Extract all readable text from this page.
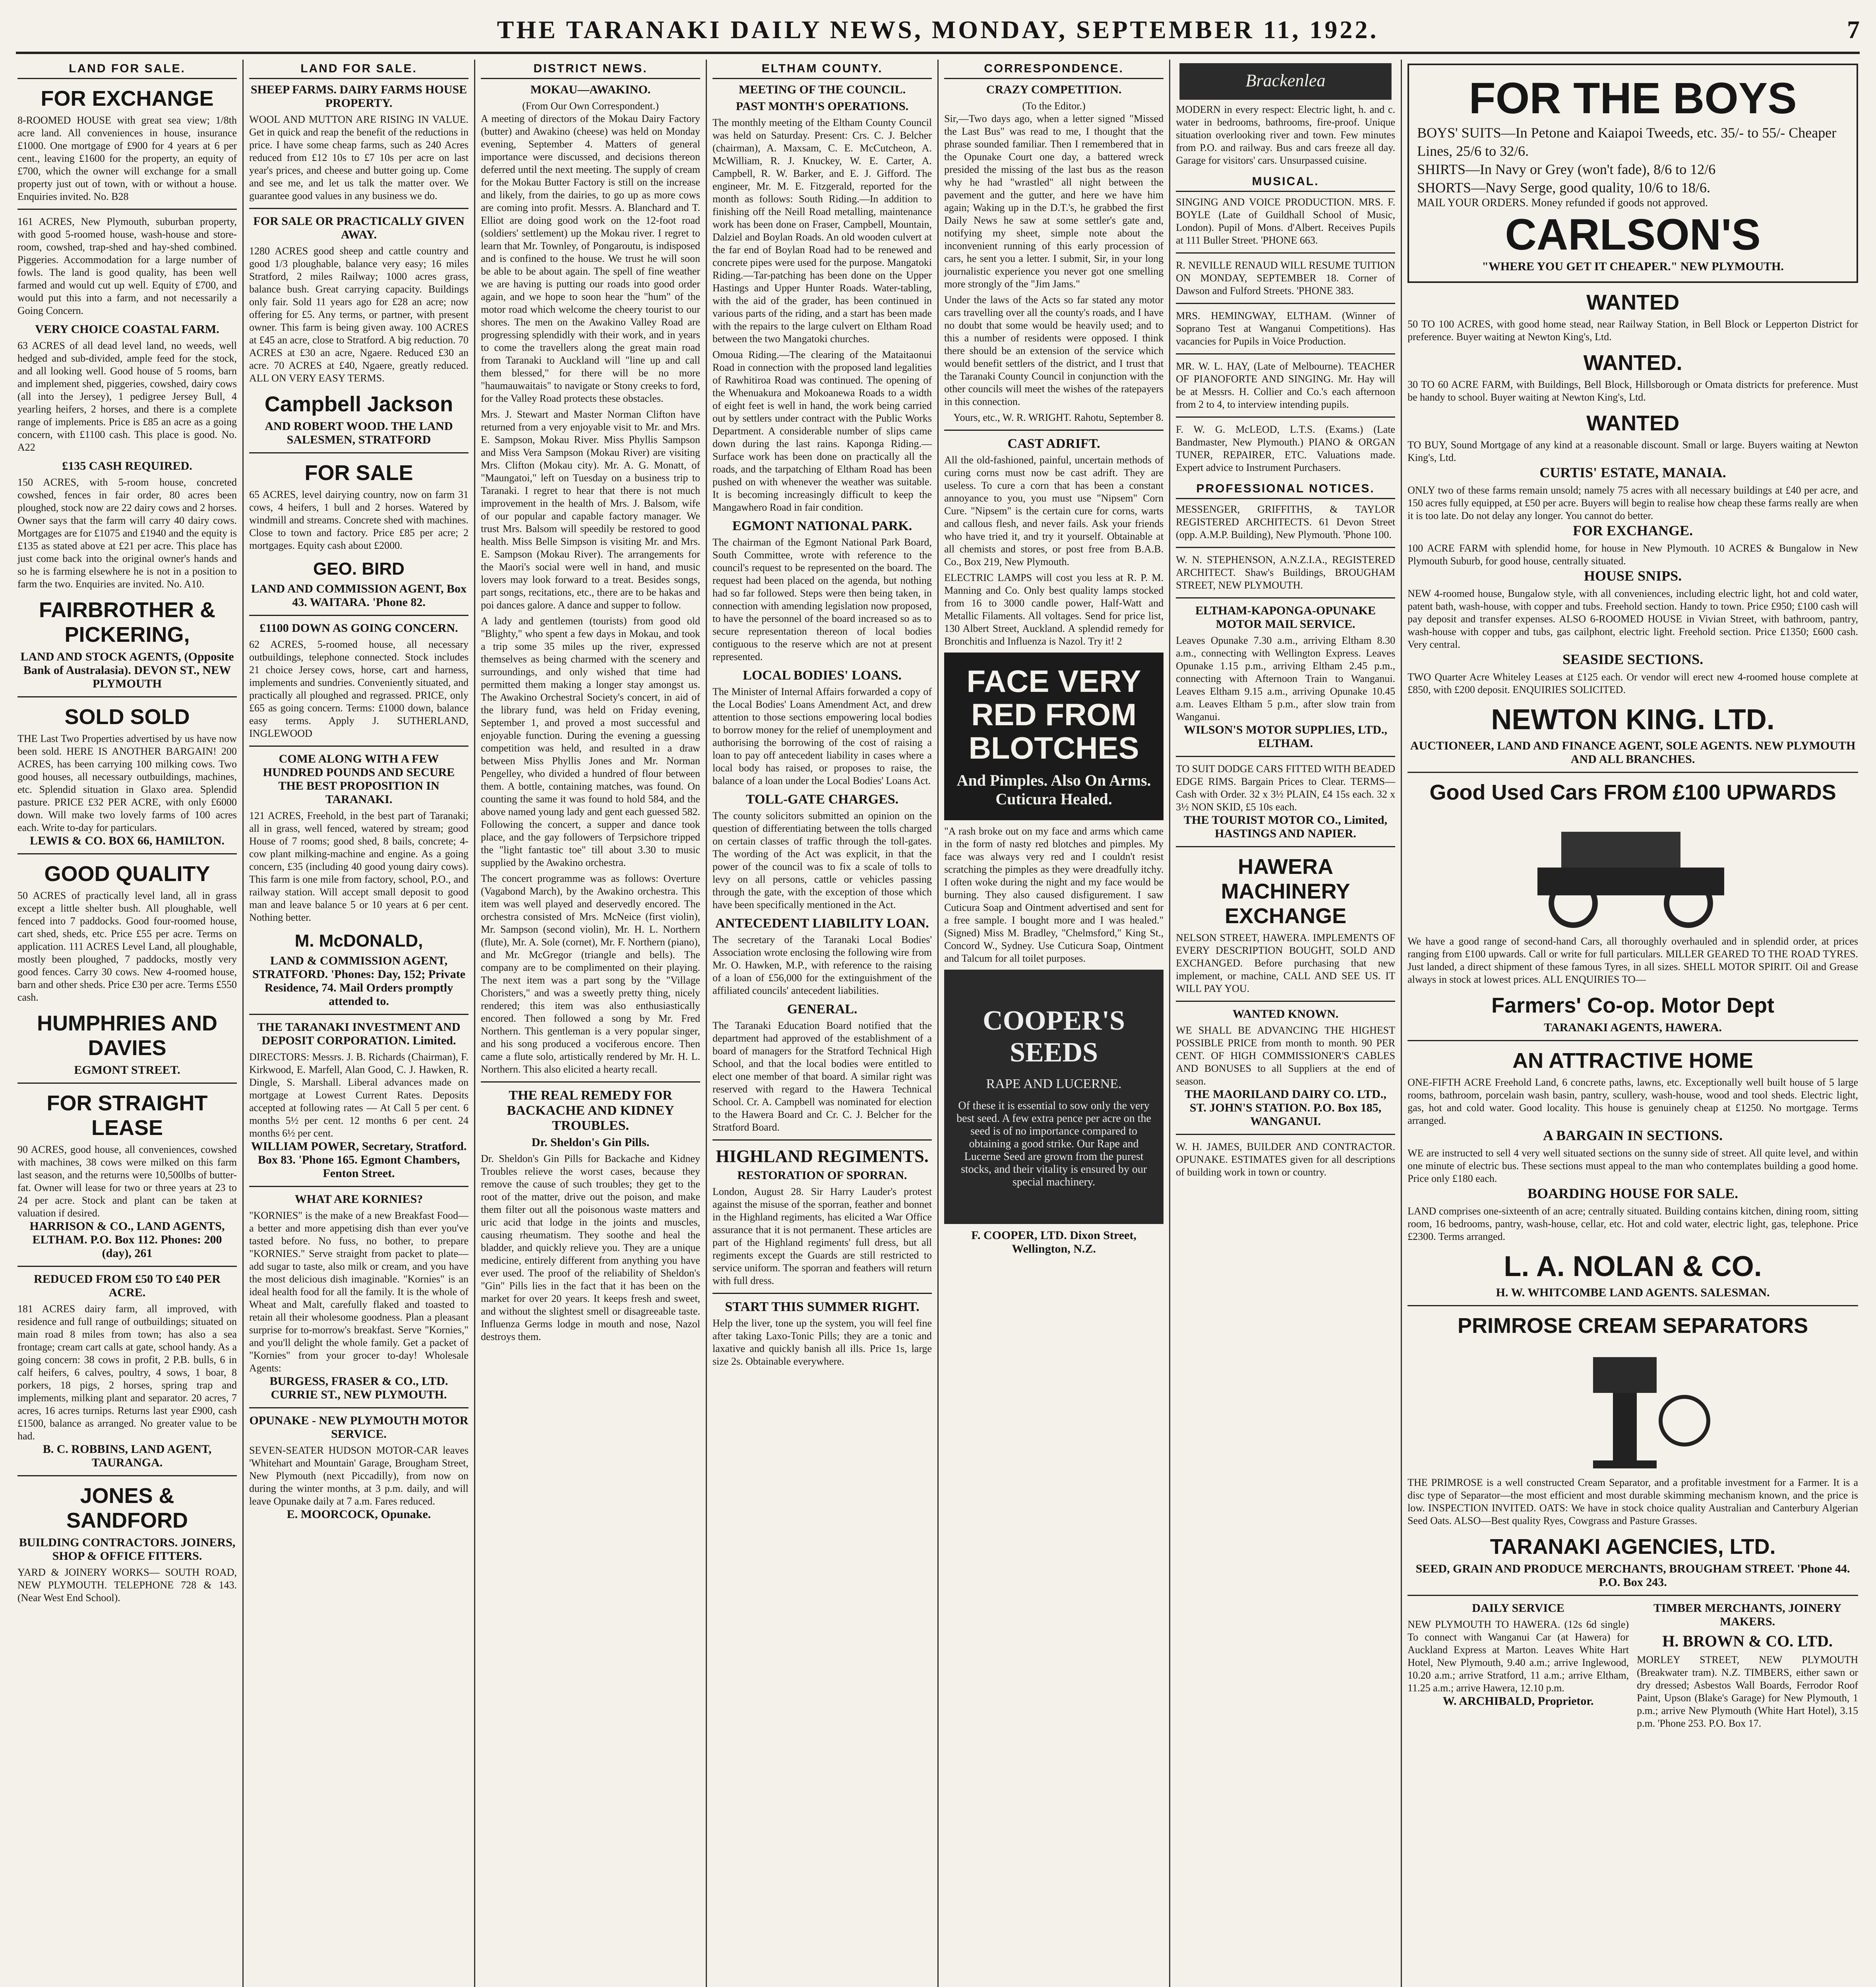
THE TARANAKI DAILY NEWS, MONDAY, SEPTEMBER 11, 1922.	7
LAND FOR SALE.
FOR EXCHANGE
8-ROOMED HOUSE with great sea view; 1/8th acre land. All conveniences in house, insurance £1000. One mortgage of £900 for 4 years at 6 per cent., leaving £1600 for the property, an equity of £700, which the owner will exchange for a small property just out of town, with or without a house. Enquiries invited. No. B28
161 ACRES, New Plymouth, suburban property, with good 5-roomed house, wash-house and store-room, cowshed, trap-shed and hay-shed combined. Piggeries. Accommodation for a large number of fowls. The land is good quality, has been well farmed and would cut up well. Equity of £700, and would put this into a farm, and not necessarily a Going Concern.
VERY CHOICE COASTAL FARM.
63 ACRES of all dead level land, no weeds, well hedged and sub-divided, ample feed for the stock, and all looking well. Good house of 5 rooms, barn and implement shed, piggeries, cowshed, dairy cows (all into the Jersey), 1 pedigree Jersey Bull, 4 yearling heifers, 2 horses, and there is a complete range of implements. Price is £85 an acre as a going concern, with £1100 cash. This place is good. No. A22
£135 CASH REQUIRED.
150 ACRES, with 5-room house, concreted cowshed, fences in fair order, 80 acres been ploughed, stock now are 22 dairy cows and 2 horses. Owner says that the farm will carry 40 dairy cows. Mortgages are for £1075 and £1940 and the equity is £135 as stated above at £21 per acre. This place has just come back into the original owner's hands and so he is farming elsewhere he is not in a position to farm the two. Enquiries are invited. No. A10.
FAIRBROTHER & PICKERING,
LAND AND STOCK AGENTS, (Opposite Bank of Australasia). DEVON ST., NEW PLYMOUTH
SOLD SOLD
THE Last Two Properties advertised by us have now been sold. HERE IS ANOTHER BARGAIN! 200 ACRES, has been carrying 100 milking cows. Two good houses, all necessary outbuildings, machines, etc. Splendid situation in Glaxo area. Splendid pasture. PRICE £32 PER ACRE, with only £6000 down. Will make two lovely farms of 100 acres each. Write to-day for particulars.
LEWIS & CO. BOX 66, HAMILTON.
GOOD QUALITY
50 ACRES of practically level land, all in grass except a little shelter bush. All ploughable, well fenced into 7 paddocks. Good four-roomed house, cart shed, sheds, etc. Price £55 per acre. Terms on application. 111 ACRES Level Land, all ploughable, mostly been ploughed, 7 paddocks, mostly very good fences. Carry 30 cows. New 4-roomed house, barn and other sheds. Price £30 per acre. Terms £550 cash.
HUMPHRIES AND DAVIES
EGMONT STREET.
FOR STRAIGHT LEASE
90 ACRES, good house, all conveniences, cowshed with machines, 38 cows were milked on this farm last season, and the returns were 10,500lbs of butter-fat. Owner will lease for two or three years at 23 to 24 per acre. Stock and plant can be taken at valuation if desired.
HARRISON & CO., LAND AGENTS, ELTHAM. P.O. Box 112. Phones: 200 (day), 261
REDUCED FROM £50 TO £40 PER ACRE.
181 ACRES dairy farm, all improved, with residence and full range of outbuildings; situated on main road 8 miles from town; has also a sea frontage; cream cart calls at gate, school handy. As a going concern: 38 cows in profit, 2 P.B. bulls, 6 in calf heifers, 6 calves, poultry, 4 sows, 1 boar, 8 porkers, 18 pigs, 2 horses, spring trap and implements, milking plant and separator. 20 acres, 7 acres, 16 acres turnips. Returns last year £900, cash £1500, balance as arranged. No greater value to be had.
B. C. ROBBINS, LAND AGENT, TAURANGA.
JONES & SANDFORD
BUILDING CONTRACTORS. JOINERS, SHOP & OFFICE FITTERS.
YARD & JOINERY WORKS— SOUTH ROAD, NEW PLYMOUTH. TELEPHONE 728 & 143. (Near West End School).
LAND FOR SALE.
SHEEP FARMS. DAIRY FARMS HOUSE PROPERTY.
WOOL AND MUTTON ARE RISING IN VALUE. Get in quick and reap the benefit of the reductions in price. I have some cheap farms, such as 240 Acres reduced from £12 10s to £7 10s per acre on last year's prices, and cheese and butter going up. Come and see me, and let us talk the matter over. We guarantee good values in any business we do.
FOR SALE OR PRACTICALLY GIVEN AWAY.
1280 ACRES good sheep and cattle country and good 1/3 ploughable, balance very easy; 16 miles Stratford, 2 miles Railway; 1000 acres grass, balance bush. Great carrying capacity. Buildings only fair. Sold 11 years ago for £28 an acre; now offering for £5. Any terms, or partner, with present owner. This farm is being given away. 100 ACRES at £45 an acre, close to Stratford. A big reduction. 70 ACRES at £30 an acre, Ngaere. Reduced £30 an acre. 70 ACRES at £40, Ngaere, greatly reduced. ALL ON VERY EASY TERMS.
Campbell Jackson
AND ROBERT WOOD. THE LAND SALESMEN, STRATFORD
FOR SALE
65 ACRES, level dairying country, now on farm 31 cows, 4 heifers, 1 bull and 2 horses. Watered by windmill and streams. Concrete shed with machines. Close to town and factory. Price £85 per acre; 2 mortgages. Equity cash about £2000.
GEO. BIRD
LAND AND COMMISSION AGENT, Box 43. WAITARA. 'Phone 82.
£1100 DOWN AS GOING CONCERN.
62 ACRES, 5-roomed house, all necessary outbuildings, telephone connected. Stock includes 21 choice Jersey cows, horse, cart and harness, implements and sundries. Conveniently situated, and practically all ploughed and regrassed. PRICE, only £65 as going concern. Terms: £1000 down, balance easy terms. Apply J. SUTHERLAND, INGLEWOOD
COME ALONG WITH A FEW HUNDRED POUNDS AND SECURE THE BEST PROPOSITION IN TARANAKI.
121 ACRES, Freehold, in the best part of Taranaki; all in grass, well fenced, watered by stream; good House of 7 rooms; good shed, 8 bails, concrete; 4-cow plant milking-machine and engine. As a going concern, £35 (including 40 good young dairy cows). This farm is one mile from factory, school, P.O., and railway station. Will accept small deposit to good man and leave balance 5 or 10 years at 6 per cent. Nothing better.
M. McDONALD,
LAND & COMMISSION AGENT, STRATFORD. 'Phones: Day, 152; Private Residence, 74. Mail Orders promptly attended to.
THE TARANAKI INVESTMENT AND DEPOSIT CORPORATION. Limited.
DIRECTORS: Messrs. J. B. Richards (Chairman), F. Kirkwood, E. Marfell, Alan Good, C. J. Hawken, R. Dingle, S. Marshall. Liberal advances made on mortgage at Lowest Current Rates. Deposits accepted at following rates — At Call 5 per cent. 6 months 5½ per cent. 12 months 6 per cent. 24 months 6½ per cent.
WILLIAM POWER, Secretary, Stratford. Box 83. 'Phone 165. Egmont Chambers, Fenton Street.
WHAT ARE KORNIES?
"KORNIES" is the make of a new Breakfast Food—a better and more appetising dish than ever you've tasted before. No fuss, no bother, to prepare "KORNIES." Serve straight from packet to plate—add sugar to taste, also milk or cream, and you have the most delicious dish imaginable. "Kornies" is an ideal health food for all the family. It is the whole of Wheat and Malt, carefully flaked and toasted to retain all their wholesome goodness. Plan a pleasant surprise for to-morrow's breakfast. Serve "Kornies," and you'll delight the whole family. Get a packet of "Kornies" from your grocer to-day! Wholesale Agents:
BURGESS, FRASER & CO., LTD. CURRIE ST., NEW PLYMOUTH.
OPUNAKE - NEW PLYMOUTH MOTOR SERVICE.
SEVEN-SEATER HUDSON MOTOR-CAR leaves 'Whitehart and Mountain' Garage, Brougham Street, New Plymouth (next Piccadilly), from now on during the winter months, at 3 p.m. daily, and will leave Opunake daily at 7 a.m. Fares reduced.
E. MOORCOCK, Opunake.
DISTRICT NEWS.
MOKAU—AWAKINO.
(From Our Own Correspondent.)
A meeting of directors of the Mokau Dairy Factory (butter) and Awakino (cheese) was held on Monday evening, September 4. Matters of general importance were discussed, and decisions thereon deferred until the next meeting. The supply of cream for the Mokau Butter Factory is still on the increase and likely, from the dairies, to go up as more cows are coming into profit. Messrs. A. Blanchard and T. Elliot are doing good work on the 12-foot road (soldiers' settlement) up the Mokau river. I regret to learn that Mr. Townley, of Pongaroutu, is indisposed and is confined to the house. We trust he will soon be able to be about again. The spell of fine weather we are having is putting our roads into good order again, and we hope to soon hear the "hum" of the motor road which welcome the cheery tourist to our shores. The men on the Awakino Valley Road are progressing splendidly with their work, and in years to come the travellers along the great main road from Taranaki to Auckland will "line up and call them blessed," for there will be no more "haumauwaitais" to navigate or Stony creeks to ford, for the Valley Road protects these obstacles.
Mrs. J. Stewart and Master Norman Clifton have returned from a very enjoyable visit to Mr. and Mrs. E. Sampson, Mokau River. Miss Phyllis Sampson and Miss Vera Sampson (Mokau River) are visiting Mrs. Clifton (Mokau city). Mr. A. G. Monatt, of "Maungatoi," left on Tuesday on a business trip to Taranaki. I regret to hear that there is not much improvement in the health of Mrs. J. Balsom, wife of our popular and capable factory manager. We trust Mrs. Balsom will speedily be restored to good health. Miss Belle Simpson is visiting Mr. and Mrs. E. Sampson (Mokau River). The arrangements for the Maori's social were well in hand, and music lovers may look forward to a treat. Besides songs, part songs, recitations, etc., there are to be hakas and poi dances galore. A dance and supper to follow.
A lady and gentlemen (tourists) from good old "Blighty," who spent a few days in Mokau, and took a trip some 35 miles up the river, expressed themselves as being charmed with the scenery and surroundings, and only wished that time had permitted them making a longer stay amongst us. The Awakino Orchestral Society's concert, in aid of the library fund, was held on Friday evening, September 1, and proved a most successful and enjoyable function. During the evening a guessing competition was held, and resulted in a draw between Miss Phyllis Jones and Mr. Norman Pengelley, who divided a hundred of flour between them. A bottle, containing matches, was found. On counting the same it was found to hold 584, and the above named young lady and gent each guessed 582. Following the concert, a supper and dance took place, and the gay followers of Terpsichore tripped the "light fantastic toe" till about 3.30 to music supplied by the Awakino orchestra.
The concert programme was as follows: Overture (Vagabond March), by the Awakino orchestra. This item was well played and deservedly encored. The orchestra consisted of Mrs. McNeice (first violin), Mr. Sampson (second violin), Mr. H. L. Northern (flute), Mr. A. Sole (cornet), Mr. F. Northern (piano), and Mr. McGregor (triangle and bells). The company are to be complimented on their playing. The next item was a part song by the "Village Choristers," and was a sweetly pretty thing, nicely rendered; this item was also enthusiastically encored. Then followed a song by Mr. Fred Northern. This gentleman is a very popular singer, and his song produced a vociferous encore. Then came a flute solo, artistically rendered by Mr. H. L. Northern. This also elicited a hearty recall.
THE REAL REMEDY FOR BACKACHE AND KIDNEY TROUBLES.
Dr. Sheldon's Gin Pills.
Dr. Sheldon's Gin Pills for Backache and Kidney Troubles relieve the worst cases, because they remove the cause of such troubles; they get to the root of the matter, drive out the poison, and make them filter out all the poisonous waste matters and uric acid that lodge in the joints and muscles, causing rheumatism. They soothe and heal the bladder, and quickly relieve you. They are a unique medicine, entirely different from anything you have ever used. The proof of the reliability of Sheldon's "Gin" Pills lies in the fact that it has been on the market for over 20 years. It keeps fresh and sweet, and without the slightest smell or disagreeable taste. Influenza Germs lodge in mouth and nose, Nazol destroys them.
ELTHAM COUNTY.
MEETING OF THE COUNCIL.
PAST MONTH'S OPERATIONS.
The monthly meeting of the Eltham County Council was held on Saturday. Present: Crs. C. J. Belcher (chairman), A. Maxsam, C. E. McCutcheon, A. McWilliam, R. J. Knuckey, W. E. Carter, A. Campbell, R. W. Barker, and E. J. Gifford. The engineer, Mr. M. E. Fitzgerald, reported for the month as follows: South Riding.—In addition to finishing off the Neill Road metalling, maintenance work has been done on Fraser, Campbell, Mountain, Dalziel and Boylan Roads. An old wooden culvert at the far end of Boylan Road had to be renewed and concrete pipes were used for the purpose. Mangatoki Riding.—Tar-patching has been done on the Upper Hastings and Upper Hunter Roads. Water-tabling, with the aid of the grader, has been continued in various parts of the riding, and a start has been made with the repairs to the large culvert on Eltham Road between the two Mangatoki churches.
Omoua Riding.—The clearing of the Mataitaonui Road in connection with the proposed land legalities of Rawhitiroa Road was continued. The opening of the Whenuakura and Mokoanewa Roads to a width of eight feet is well in hand, the work being carried out by settlers under contract with the Public Works Department. A considerable number of slips came down during the last rains. Kaponga Riding.—Surface work has been done on practically all the roads, and the tarpatching of Eltham Road has been pushed on with whenever the weather was suitable. It is becoming increasingly difficult to keep the Mangawhero Road in fair condition.
EGMONT NATIONAL PARK.
The chairman of the Egmont National Park Board, South Committee, wrote with reference to the council's request to be represented on the board. The request had been placed on the agenda, but nothing had so far followed. Steps were then being taken, in connection with amending legislation now proposed, to have the personnel of the board increased so as to secure representation thereon of local bodies contiguous to the reserve which are not at present represented.
LOCAL BODIES' LOANS.
The Minister of Internal Affairs forwarded a copy of the Local Bodies' Loans Amendment Act, and drew attention to those sections empowering local bodies to borrow money for the relief of unemployment and authorising the borrowing of the cost of raising a loan to pay off antecedent liability in cases where a local body has raised, or proposes to raise, the balance of a loan under the Local Bodies' Loans Act.
TOLL-GATE CHARGES.
The county solicitors submitted an opinion on the question of differentiating between the tolls charged on certain classes of traffic through the toll-gates. The wording of the Act was explicit, in that the power of the council was to fix a scale of tolls to levy on all persons, cattle or vehicles passing through the gate, with the exception of those which have been specifically mentioned in the Act.
ANTECEDENT LIABILITY LOAN.
The secretary of the Taranaki Local Bodies' Association wrote enclosing the following wire from Mr. O. Hawken, M.P., with reference to the raising of a loan of £56,000 for the extinguishment of the affiliated councils' antecedent liabilities.
GENERAL.
The Taranaki Education Board notified that the department had approved of the establishment of a board of managers for the Stratford Technical High School, and that the local bodies were entitled to elect one member of that board. A similar right was reserved with regard to the Hawera Technical School. Cr. A. Campbell was nominated for election to the Hawera Board and Cr. C. J. Belcher for the Stratford Board.
HIGHLAND REGIMENTS.
RESTORATION OF SPORRAN.
London, August 28. Sir Harry Lauder's protest against the misuse of the sporran, feather and bonnet in the Highland regiments, has elicited a War Office assurance that it is not permanent. These articles are part of the Highland regiments' full dress, but all regiments except the Guards are still restricted to service uniform. The sporran and feathers will return with full dress.
START THIS SUMMER RIGHT.
Help the liver, tone up the system, you will feel fine after taking Laxo-Tonic Pills; they are a tonic and laxative and quickly banish all ills. Price 1s, large size 2s. Obtainable everywhere.
CORRESPONDENCE.
CRAZY COMPETITION.
(To the Editor.)
Sir,—Two days ago, when a letter signed "Missed the Last Bus" was read to me, I thought that the phrase sounded familiar. Then I remembered that in the Opunake Court one day, a battered wreck presided the missing of the last bus as the reason why he had "wrastled" all night between the pavement and the gutter, and here we have him again; Waking up in the D.T.'s, he grabbed the first Daily News he saw at some settler's gate and, notifying my sheet, simple note about the inconvenient running of this early procession of cars, he sent you a letter. I submit, Sir, in your long journalistic experience you never got one smelling more strongly of the "Jim Jams."
Under the laws of the Acts so far stated any motor cars travelling over all the county's roads, and I have no doubt that some would be heavily used; and to this a number of residents were opposed. I think there should be an extension of the service which would benefit settlers of the district, and I trust that the Taranaki County Council in conjunction with the other councils will meet the wishes of the ratepayers in this connection.
Yours, etc., W. R. WRIGHT. Rahotu, September 8.
CAST ADRIFT.
All the old-fashioned, painful, uncertain methods of curing corns must now be cast adrift. They are useless. To cure a corn that has been a constant annoyance to you, you must use "Nipsem" Corn Cure. "Nipsem" is the certain cure for corns, warts and callous flesh, and never fails. Ask your friends who have tried it, and try it yourself. Obtainable at all chemists and stores, or post free from B.A.B. Co., Box 219, New Plymouth.
ELECTRIC LAMPS will cost you less at R. P. M. Manning and Co. Only best quality lamps stocked from 16 to 3000 candle power, Half-Watt and Metallic Filaments. All voltages. Send for price list, 130 Albert Street, Auckland. A splendid remedy for Bronchitis and Influenza is Nazol. Try it! 2
FACE VERY RED FROM BLOTCHES
And Pimples. Also On Arms. Cuticura Healed.
"A rash broke out on my face and arms which came in the form of nasty red blotches and pimples. My face was always very red and I couldn't resist scratching the pimples as they were dreadfully itchy. I often woke during the night and my face would be burning. They also caused disfigurement. I saw Cuticura Soap and Ointment advertised and sent for a free sample. I bought more and I was healed." (Signed) Miss M. Bradley, "Chelmsford," King St., Concord W., Sydney. Use Cuticura Soap, Ointment and Talcum for all toilet purposes.
COOPER'S SEEDS
RAPE AND LUCERNE.
Of these it is essential to sow only the very best seed. A few extra pence per acre on the seed is of no importance compared to obtaining a good strike. Our Rape and Lucerne Seed are grown from the purest stocks, and their vitality is ensured by our special machinery.
F. COOPER, LTD. Dixon Street, Wellington, N.Z.
Brackenlea
MODERN in every respect: Electric light, h. and c. water in bedrooms, bathrooms, fire-proof. Unique situation overlooking river and town. Few minutes from P.O. and railway. Bus and cars freeze all day. Garage for visitors' cars. Unsurpassed cuisine.
MUSICAL.
SINGING AND VOICE PRODUCTION. MRS. F. BOYLE (Late of Guildhall School of Music, London). Pupil of Mons. d'Albert. Receives Pupils at 111 Buller Street. 'PHONE 663.
R. NEVILLE RENAUD WILL RESUME TUITION ON MONDAY, SEPTEMBER 18. Corner of Dawson and Fulford Streets. 'PHONE 383.
MRS. HEMINGWAY, ELTHAM. (Winner of Soprano Test at Wanganui Competitions). Has vacancies for Pupils in Voice Production.
MR. W. L. HAY, (Late of Melbourne). TEACHER OF PIANOFORTE AND SINGING. Mr. Hay will be at Messrs. H. Collier and Co.'s each afternoon from 2 to 4, to interview intending pupils.
F. W. G. McLEOD, L.T.S. (Exams.) (Late Bandmaster, New Plymouth.) PIANO & ORGAN TUNER, REPAIRER, ETC. Valuations made. Expert advice to Instrument Purchasers.
PROFESSIONAL NOTICES.
MESSENGER, GRIFFITHS, & TAYLOR REGISTERED ARCHITECTS. 61 Devon Street (opp. A.M.P. Building), New Plymouth. 'Phone 100.
W. N. STEPHENSON, A.N.Z.I.A., REGISTERED ARCHITECT. Shaw's Buildings, BROUGHAM STREET, NEW PLYMOUTH.
ELTHAM-KAPONGA-OPUNAKE MOTOR MAIL SERVICE.
Leaves Opunake 7.30 a.m., arriving Eltham 8.30 a.m., connecting with Wellington Express. Leaves Opunake 1.15 p.m., arriving Eltham 2.45 p.m., connecting with Afternoon Train to Wanganui. Leaves Eltham 9.15 a.m., arriving Opunake 10.45 a.m. Leaves Eltham 5 p.m., after slow train from Wanganui.
WILSON'S MOTOR SUPPLIES, LTD., ELTHAM.
TO SUIT DODGE CARS FITTED WITH BEADED EDGE RIMS. Bargain Prices to Clear. TERMS—Cash with Order. 32 x 3½ PLAIN, £4 15s each. 32 x 3½ NON SKID, £5 10s each.
THE TOURIST MOTOR CO., Limited, HASTINGS AND NAPIER.
HAWERA MACHINERY EXCHANGE
NELSON STREET, HAWERA. IMPLEMENTS OF EVERY DESCRIPTION BOUGHT, SOLD AND EXCHANGED. Before purchasing that new implement, or machine, CALL AND SEE US. IT WILL PAY YOU.
WANTED KNOWN.
WE SHALL BE ADVANCING THE HIGHEST POSSIBLE PRICE from month to month. 90 PER CENT. OF HIGH COMMISSIONER'S CABLES AND BONUSES to all Suppliers at the end of season.
THE MAORILAND DAIRY CO. LTD., ST. JOHN'S STATION. P.O. Box 185, WANGANUI.
W. H. JAMES, BUILDER AND CONTRACTOR. OPUNAKE. ESTIMATES given for all descriptions of building work in town or country.
FOR THE BOYS
BOYS' SUITS—In Petone and Kaiapoi Tweeds, etc. 35/- to 55/- Cheaper Lines, 25/6 to 32/6.
SHIRTS—In Navy or Grey (won't fade), 8/6 to 12/6
SHORTS—Navy Serge, good quality, 10/6 to 18/6.
MAIL YOUR ORDERS. Money refunded if goods not approved.
CARLSON'S
"WHERE YOU GET IT CHEAPER." NEW PLYMOUTH.
WANTED
50 TO 100 ACRES, with good home stead, near Railway Station, in Bell Block or Lepperton District for preference. Buyer waiting at Newton King's, Ltd.
WANTED.
30 TO 60 ACRE FARM, with Buildings, Bell Block, Hillsborough or Omata districts for preference. Must be handy to school. Buyer waiting at Newton King's, Ltd.
WANTED
TO BUY, Sound Mortgage of any kind at a reasonable discount. Small or large. Buyers waiting at Newton King's, Ltd.
CURTIS' ESTATE, MANAIA.
ONLY two of these farms remain unsold; namely 75 acres with all necessary buildings at £40 per acre, and 150 acres fully equipped, at £50 per acre. Buyers will begin to realise how cheap these farms really are when it is too late. Do not delay any longer. You cannot do better.
FOR EXCHANGE.
100 ACRE FARM with splendid home, for house in New Plymouth. 10 ACRES & Bungalow in New Plymouth Suburb, for good house, centrally situated.
HOUSE SNIPS.
NEW 4-roomed house, Bungalow style, with all conveniences, including electric light, hot and cold water, patent bath, wash-house, with copper and tubs. Freehold section. Handy to town. Price £950; £100 cash will pay deposit and transfer expenses. ALSO 6-ROOMED HOUSE in Vivian Street, with bathroom, pantry, wash-house with copper and tubs, gas cailphont, electric light. Freehold section. Price £1350; £600 cash. Very central.
SEASIDE SECTIONS.
TWO Quarter Acre Whiteley Leases at £125 each. Or vendor will erect new 4-roomed house complete at £850, with £200 deposit. ENQUIRIES SOLICITED.
NEWTON KING. LTD.
AUCTIONEER, LAND AND FINANCE AGENT, SOLE AGENTS. NEW PLYMOUTH AND ALL BRANCHES.
Good Used Cars FROM £100 UPWARDS
We have a good range of second-hand Cars, all thoroughly overhauled and in splendid order, at prices ranging from £100 upwards. Call or write for full particulars. MILLER GEARED TO THE ROAD TYRES. Just landed, a direct shipment of these famous Tyres, in all sizes. SHELL MOTOR SPIRIT. Oil and Grease always in stock at lowest prices. ALL ENQUIRIES TO—
Farmers' Co-op. Motor Dept
TARANAKI AGENTS, HAWERA.
AN ATTRACTIVE HOME
ONE-FIFTH ACRE Freehold Land, 6 concrete paths, lawns, etc. Exceptionally well built house of 5 large rooms, bathroom, porcelain wash basin, pantry, scullery, wash-house, wood and tool sheds. Electric light, gas, hot and cold water. Good locality. This house is genuinely cheap at £1250. No mortgage. Terms arranged.
A BARGAIN IN SECTIONS.
WE are instructed to sell 4 very well situated sections on the sunny side of street. All quite level, and within one minute of electric bus. These sections must appeal to the man who contemplates building a good home. Price only £180 each.
BOARDING HOUSE FOR SALE.
LAND comprises one-sixteenth of an acre; centrally situated. Building contains kitchen, dining room, sitting room, 16 bedrooms, pantry, wash-house, cellar, etc. Hot and cold water, electric light, gas, telephone. Price £2300. Terms arranged.
L. A. NOLAN & CO.
H. W. WHITCOMBE LAND AGENTS. SALESMAN.
PRIMROSE CREAM SEPARATORS
THE PRIMROSE is a well constructed Cream Separator, and a profitable investment for a Farmer. It is a disc type of Separator—the most efficient and most durable skimming mechanism known, and the price is low. INSPECTION INVITED. OATS: We have in stock choice quality Australian and Canterbury Algerian Seed Oats. ALSO—Best quality Ryes, Cowgrass and Pasture Grasses.
TARANAKI AGENCIES, LTD.
SEED, GRAIN AND PRODUCE MERCHANTS, BROUGHAM STREET. 'Phone 44. P.O. Box 243.
DAILY SERVICE
NEW PLYMOUTH TO HAWERA. (12s 6d single) To connect with Wanganui Car (at Hawera) for Auckland Express at Marton. Leaves White Hart Hotel, New Plymouth, 9.40 a.m.; arrive Inglewood, 10.20 a.m.; arrive Stratford, 11 a.m.; arrive Eltham, 11.25 a.m.; arrive Hawera, 12.10 p.m.
W. ARCHIBALD, Proprietor.
TIMBER MERCHANTS, JOINERY MAKERS.
H. BROWN & CO. LTD.
MORLEY STREET, NEW PLYMOUTH (Breakwater tram). N.Z. TIMBERS, either sawn or dry dressed; Asbestos Wall Boards, Ferrodor Roof Paint, Upson (Blake's Garage) for New Plymouth, 1 p.m.; arrive New Plymouth (White Hart Hotel), 3.15 p.m. 'Phone 253. P.O. Box 17.
